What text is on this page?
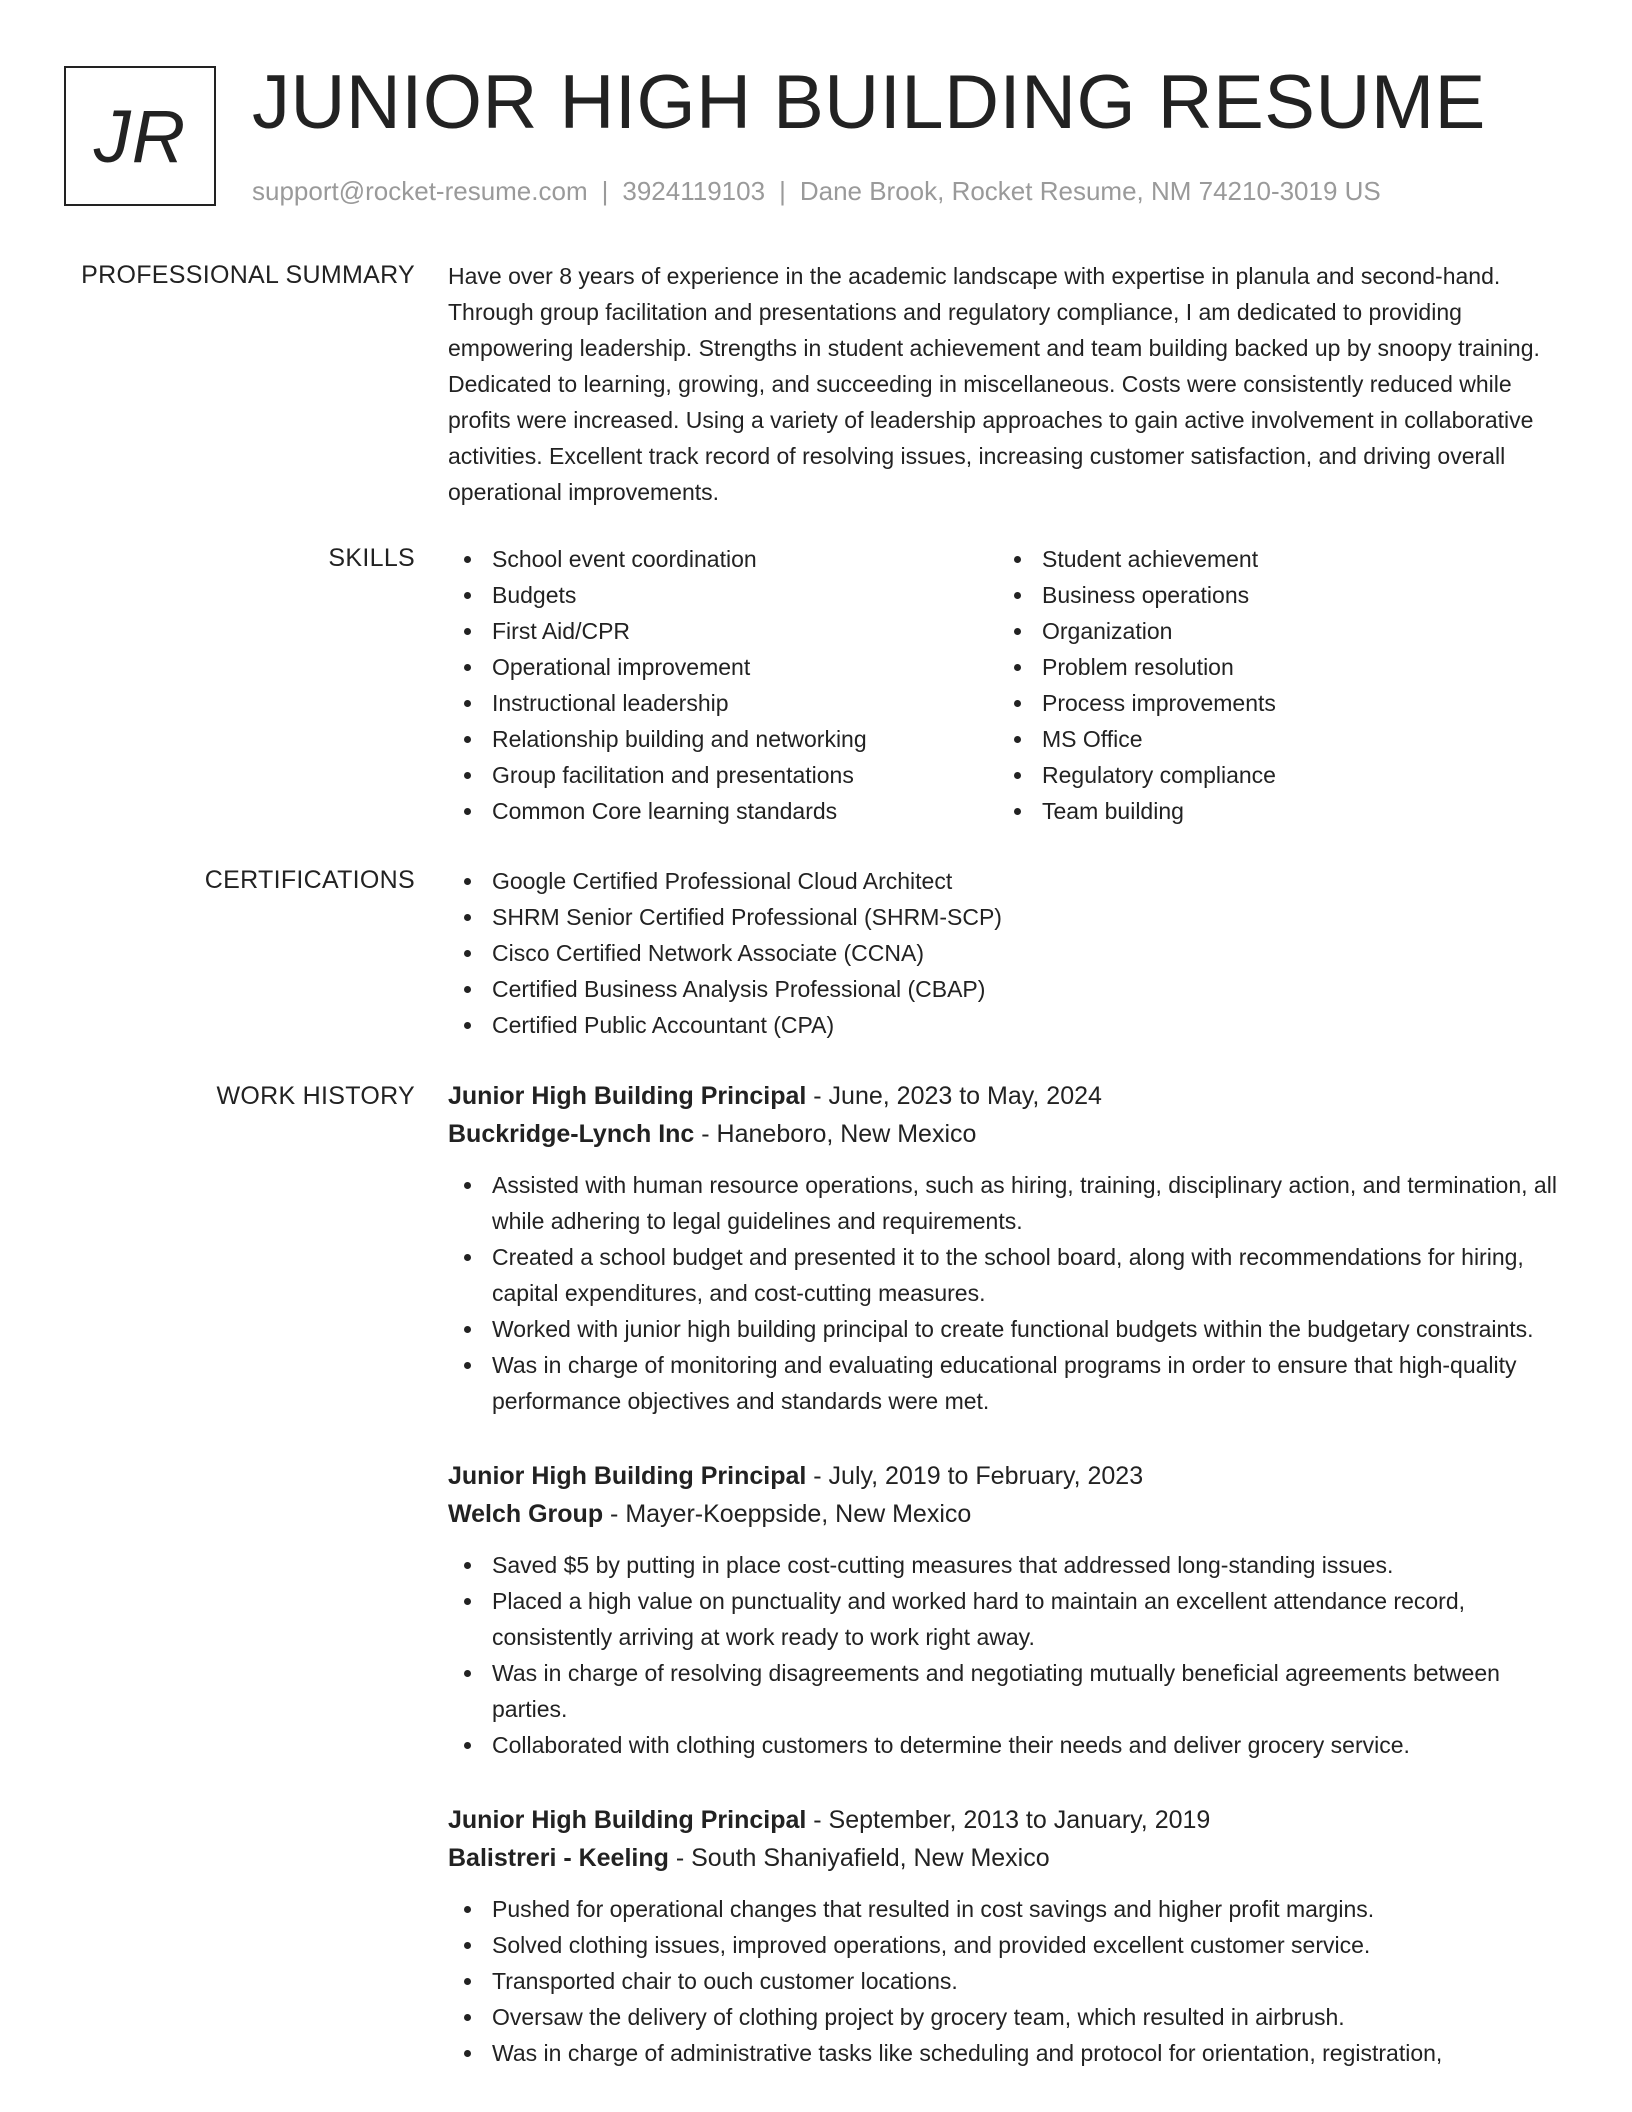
JR JUNIOR HIGH BUILDING RESUME
support@rocket-resume.com | 3924119103 | Dane Brook, Rocket Resume, NM 74210-3019 US
PROFESSIONAL SUMMARY Have over 8 years of experience in the academic landscape with expertise in planula and second-hand. Through group facilitation and presentations and regulatory compliance, I am dedicated to providing empowering leadership. Strengths in student achievement and team building backed up by snoopy training. Dedicated to learning, growing, and succeeding in miscellaneous. Costs were consistently reduced while profits were increased. Using a variety of leadership approaches to gain active involvement in collaborative activities. Excellent track record of resolving issues, increasing customer satisfaction, and driving overall operational improvements.

SKILLS	School event coordination
Budgets
First Aid/CPR
Operational improvement
Instructional leadership
Relationship building and networking
Group facilitation and presentations
Common Core learning standards
Student achievement
Business operations
Organization
Problem resolution
Process improvements
MS Office
Regulatory compliance
Team building
CERTIFICATIONS	Google Certified Professional Cloud Architect
SHRM Senior Certified Professional (SHRM-SCP)
Cisco Certified Network Associate (CCNA)
Certified Business Analysis Professional (CBAP)
Certified Public Accountant (CPA)
WORK HISTORY Junior High Building Principal - June, 2023 to May, 2024
Buckridge-Lynch Inc - Haneboro, New Mexico
Assisted with human resource operations, such as hiring, training, disciplinary action, and termination, all while adhering to legal guidelines and requirements.
Created a school budget and presented it to the school board, along with recommendations for hiring, capital expenditures, and cost-cutting measures.
Worked with junior high building principal to create functional budgets within the budgetary constraints.
Was in charge of monitoring and evaluating educational programs in order to ensure that high-quality performance objectives and standards were met.
Junior High Building Principal - July, 2019 to February, 2023
Welch Group - Mayer-Koeppside, New Mexico
Saved $5 by putting in place cost-cutting measures that addressed long-standing issues.
Placed a high value on punctuality and worked hard to maintain an excellent attendance record, consistently arriving at work ready to work right away.
Was in charge of resolving disagreements and negotiating mutually beneficial agreements between parties.
Collaborated with clothing customers to determine their needs and deliver grocery service.
Junior High Building Principal - September, 2013 to January, 2019
Balistreri - Keeling - South Shaniyafield, New Mexico
Pushed for operational changes that resulted in cost savings and higher profit margins.
Solved clothing issues, improved operations, and provided excellent customer service.
Transported chair to ouch customer locations.
Oversaw the delivery of clothing project by grocery team, which resulted in airbrush.
Was in charge of administrative tasks like scheduling and protocol for orientation, registration,
